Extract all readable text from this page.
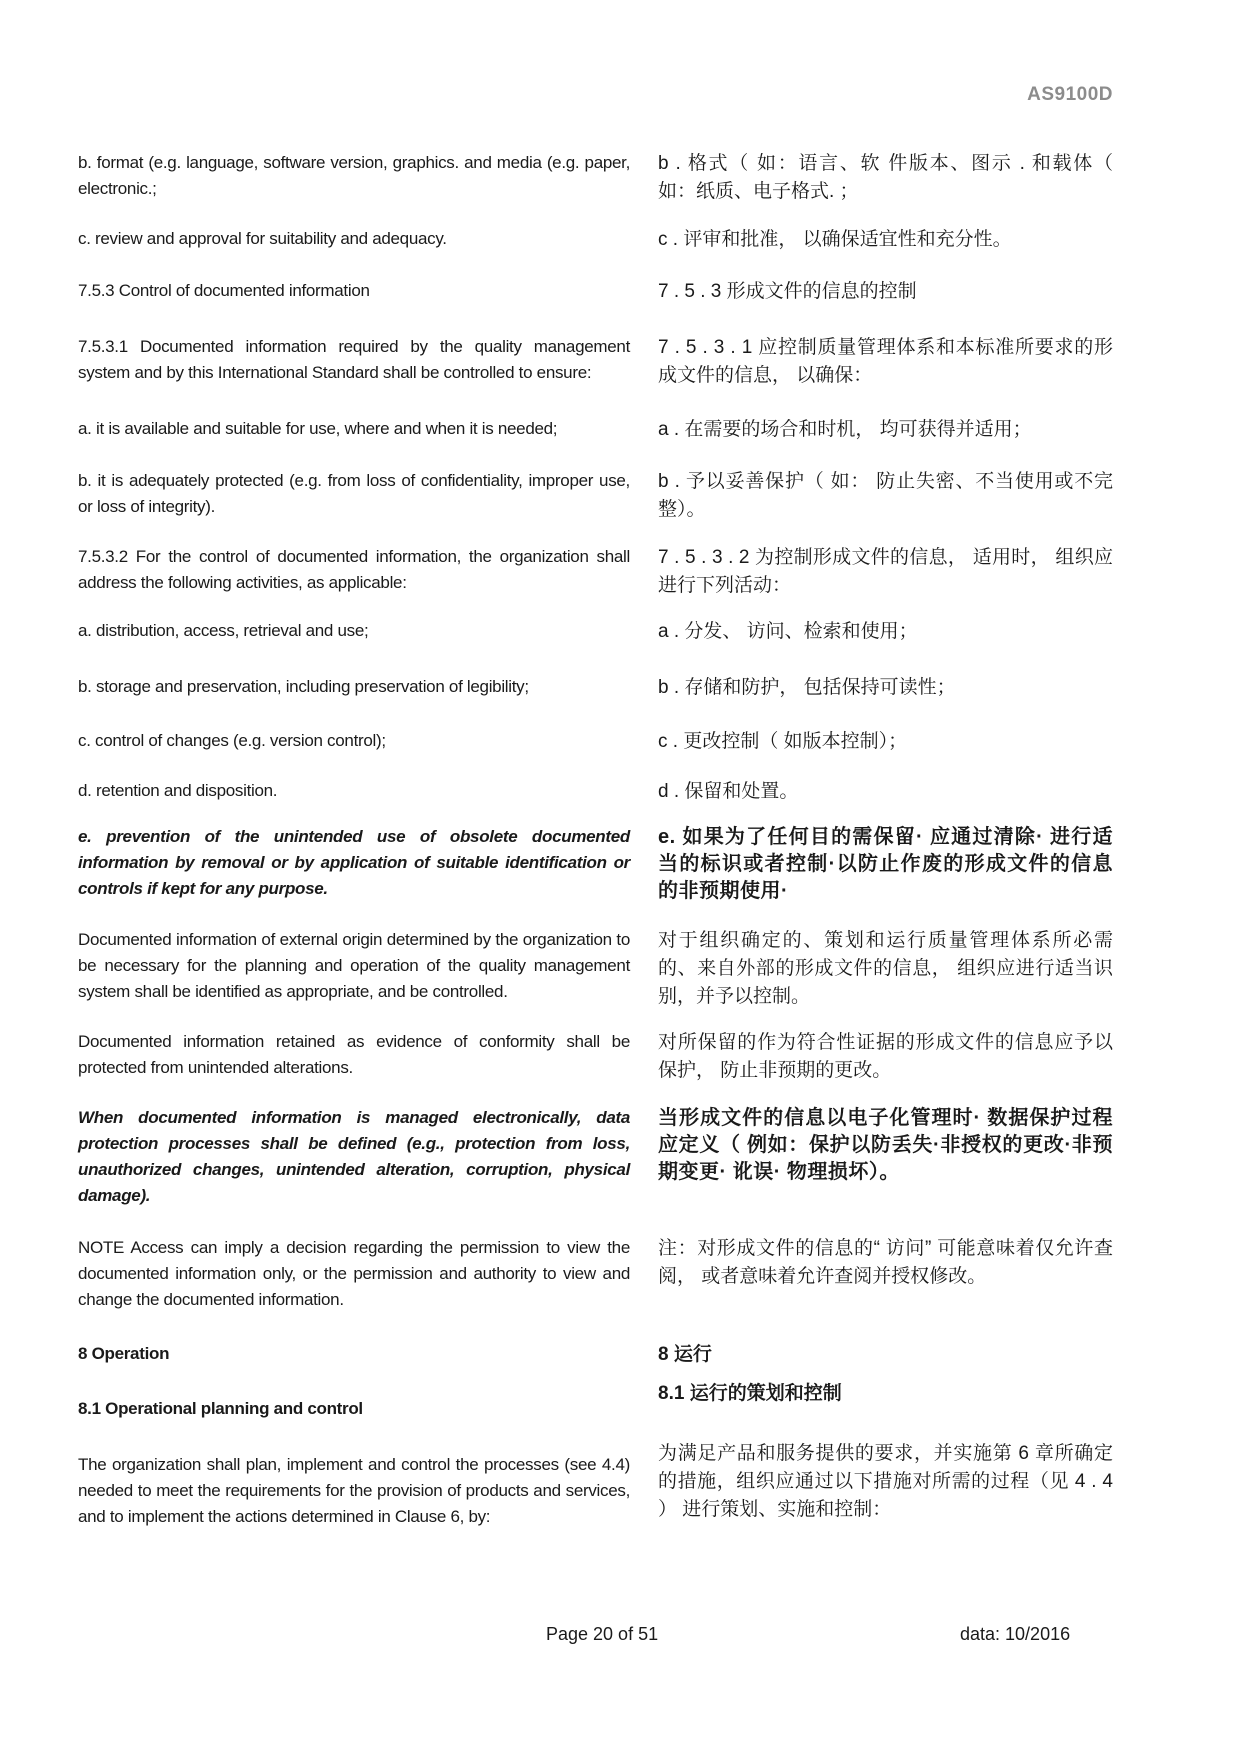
AS9100D
b. format (e.g. language, software version, graphics. and media (e.g. paper, electronic.;
b . 格式（ 如：语言、软 件版本、图示 . 和载体（ 如：纸质、电子格式. ；
c. review and approval for suitability and adequacy.	c . 评审和批准， 以确保适宜性和充分性。
7.5.3 Control of documented information	7 . 5 . 3 形成文件的信息的控制
7.5.3.1 Documented information required by the quality management system and by this International Standard shall be controlled to ensure:
7 . 5 . 3 . 1 应控制质量管理体系和本标准所要求的形成文件的信息， 以确保：
a. it is available and suitable for use, where and when it is needed;	a . 在需要的场合和时机， 均可获得并适用；
b. it is adequately protected (e.g. from loss of confidentiality, improper use, or loss of integrity).
b . 予以妥善保护（ 如： 防止失密、不当使用或不完整）。
7.5.3.2 For the control of documented information, the organization shall address the following activities, as applicable:
7 . 5 . 3 . 2 为控制形成文件的信息， 适用时， 组织应进行下列活动：
a. distribution, access, retrieval and use;	a . 分发、 访问、检索和使用；
b. storage and preservation, including preservation of legibility;	b . 存储和防护， 包括保持可读性；
c. control of changes (e.g. version control);	c . 更改控制（ 如版本控制）；
d. retention and disposition.	d . 保留和处置。
e. prevention of the unintended use of obsolete documented information by removal or by application of suitable identification or controls if kept for any purpose.
e. 如果为了任何目的需保留· 应通过清除· 进行适当的标识或者控制·以防止作废的形成文件的信息的非预期使用·
Documented information of external origin determined by the organization to be necessary for the planning and operation of the quality management system shall be identified as appropriate, and be controlled.
对于组织确定的、策划和运行质量管理体系所必需的、来自外部的形成文件的信息， 组织应进行适当识别，并予以控制。
Documented information retained as evidence of conformity shall be protected from unintended alterations.
对所保留的作为符合性证据的形成文件的信息应予以保护， 防止非预期的更改。
When documented information is managed electronically, data protection processes shall be defined (e.g., protection from loss, unauthorized changes, unintended alteration, corruption, physical damage).
当形成文件的信息以电子化管理时· 数据保护过程应定义（ 例如：保护以防丢失·非授权的更改·非预期变更· 讹误· 物理损坏）。
NOTE Access can imply a decision regarding the permission to view the documented information only, or the permission and authority to view and change the documented information.
注：对形成文件的信息的“ 访问” 可能意味着仅允许查阅， 或者意味着允许查阅并授权修改。
8 Operation	8 运行
8.1 Operational planning and control
8.1 运行的策划和控制
The organization shall plan, implement and control the processes (see 4.4) needed to meet the requirements for the provision of products and services, and to implement the actions determined in Clause 6, by:
为满足产品和服务提供的要求，并实施第 6 章所确定的措施，组织应通过以下措施对所需的过程（见 4 . 4 ） 进行策划、实施和控制：
Page 20 of 51	data: 10/2016
